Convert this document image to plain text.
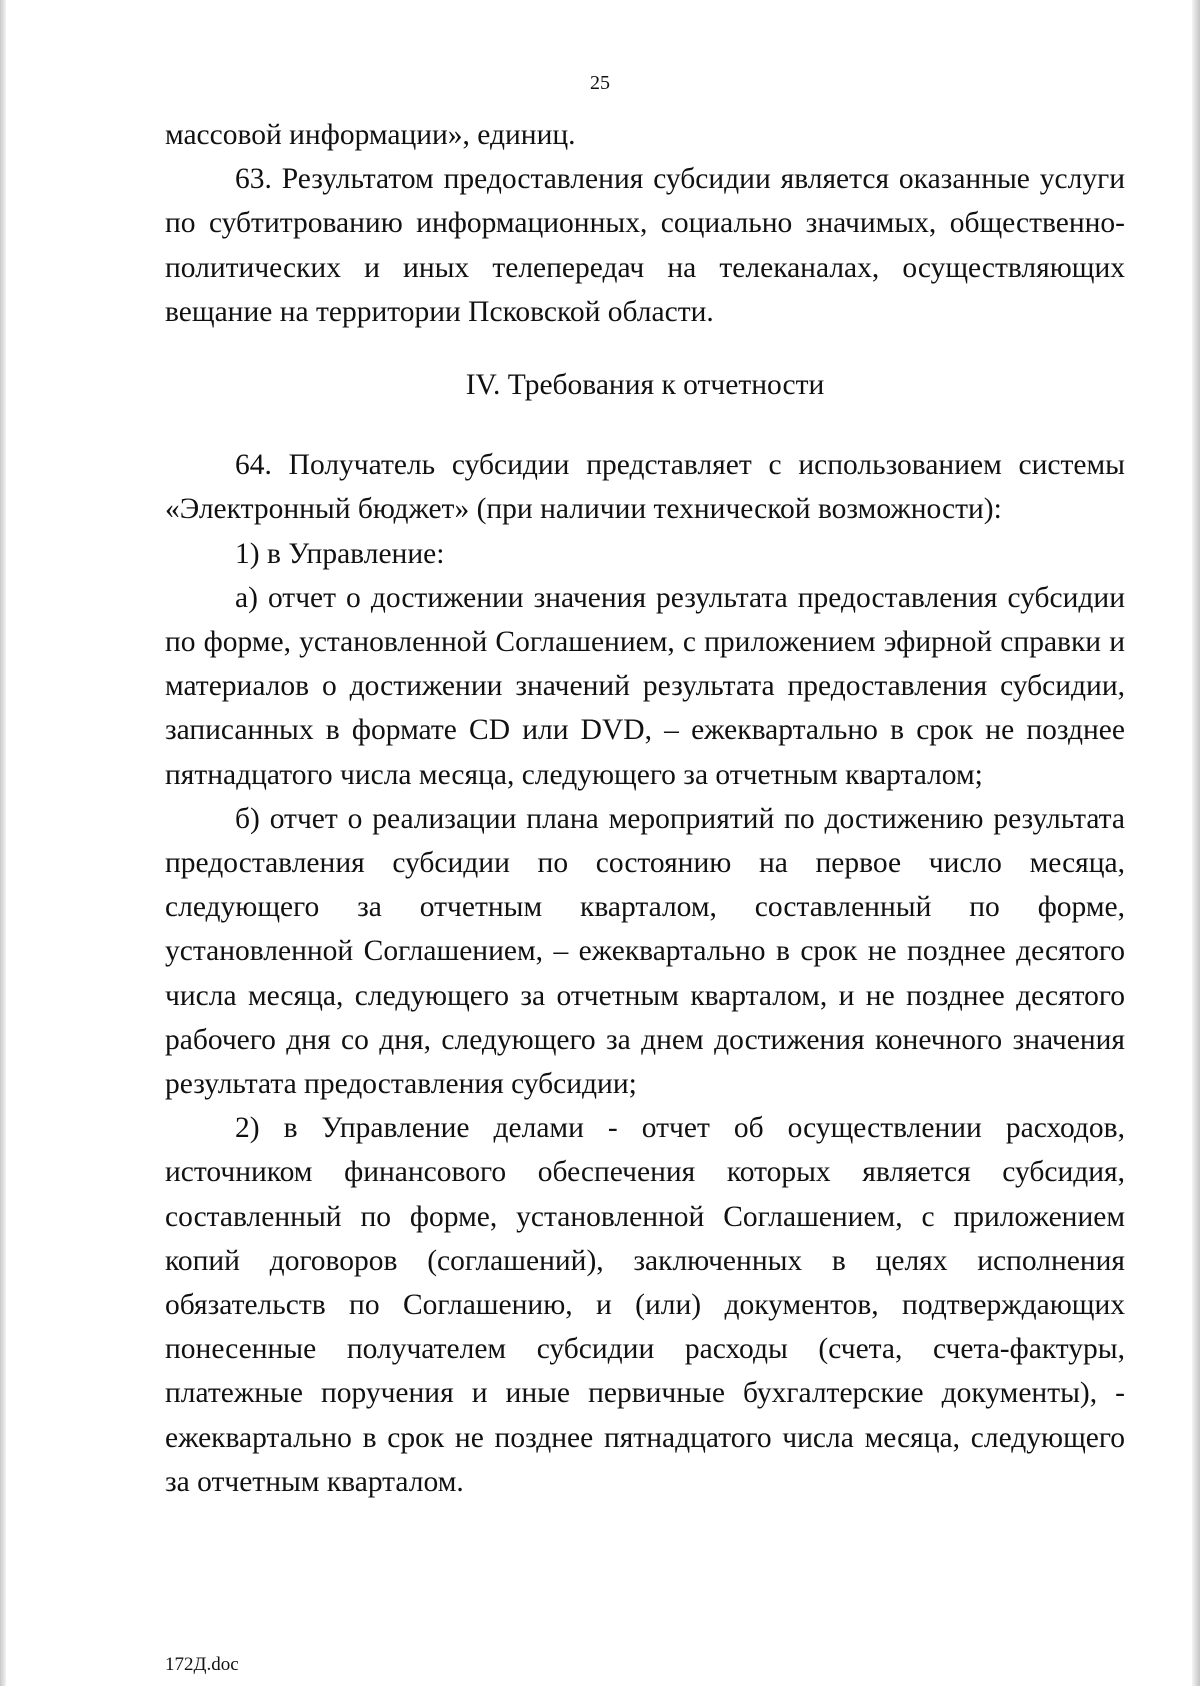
25

массовой информации», единиц.

63. Результатом предоставления субсидии является оказанные услуги по субтитрованию информационных, социально значимых, общественно-политических и иных телепередач на телеканалах, осуществляющих вещание на территории Псковской области.

IV. Требования к отчетности

64. Получатель субсидии представляет с использованием системы «Электронный бюджет» (при наличии технической возможности):

1) в Управление:

а) отчет о достижении значения результата предоставления субсидии по форме, установленной Соглашением, с приложением эфирной справки и материалов о достижении значений результата предоставления субсидии, записанных в формате CD или DVD, – ежеквартально в срок не позднее пятнадцатого числа месяца, следующего за отчетным кварталом;

б) отчет о реализации плана мероприятий по достижению результата предоставления субсидии по состоянию на первое число месяца, следующего за отчетным кварталом, составленный по форме, установленной Соглашением, – ежеквартально в срок не позднее десятого числа месяца, следующего за отчетным кварталом, и не позднее десятого рабочего дня со дня, следующего за днем достижения конечного значения результата предоставления субсидии;

2) в Управление делами - отчет об осуществлении расходов, источником финансового обеспечения которых является субсидия, составленный по форме, установленной Соглашением, с приложением копий договоров (соглашений), заключенных в целях исполнения обязательств по Соглашению, и (или) документов, подтверждающих понесенные получателем субсидии расходы (счета, счета-фактуры, платежные поручения и иные первичные бухгалтерские документы), - ежеквартально в срок не позднее пятнадцатого числа месяца, следующего за отчетным кварталом.

172Д.doc
